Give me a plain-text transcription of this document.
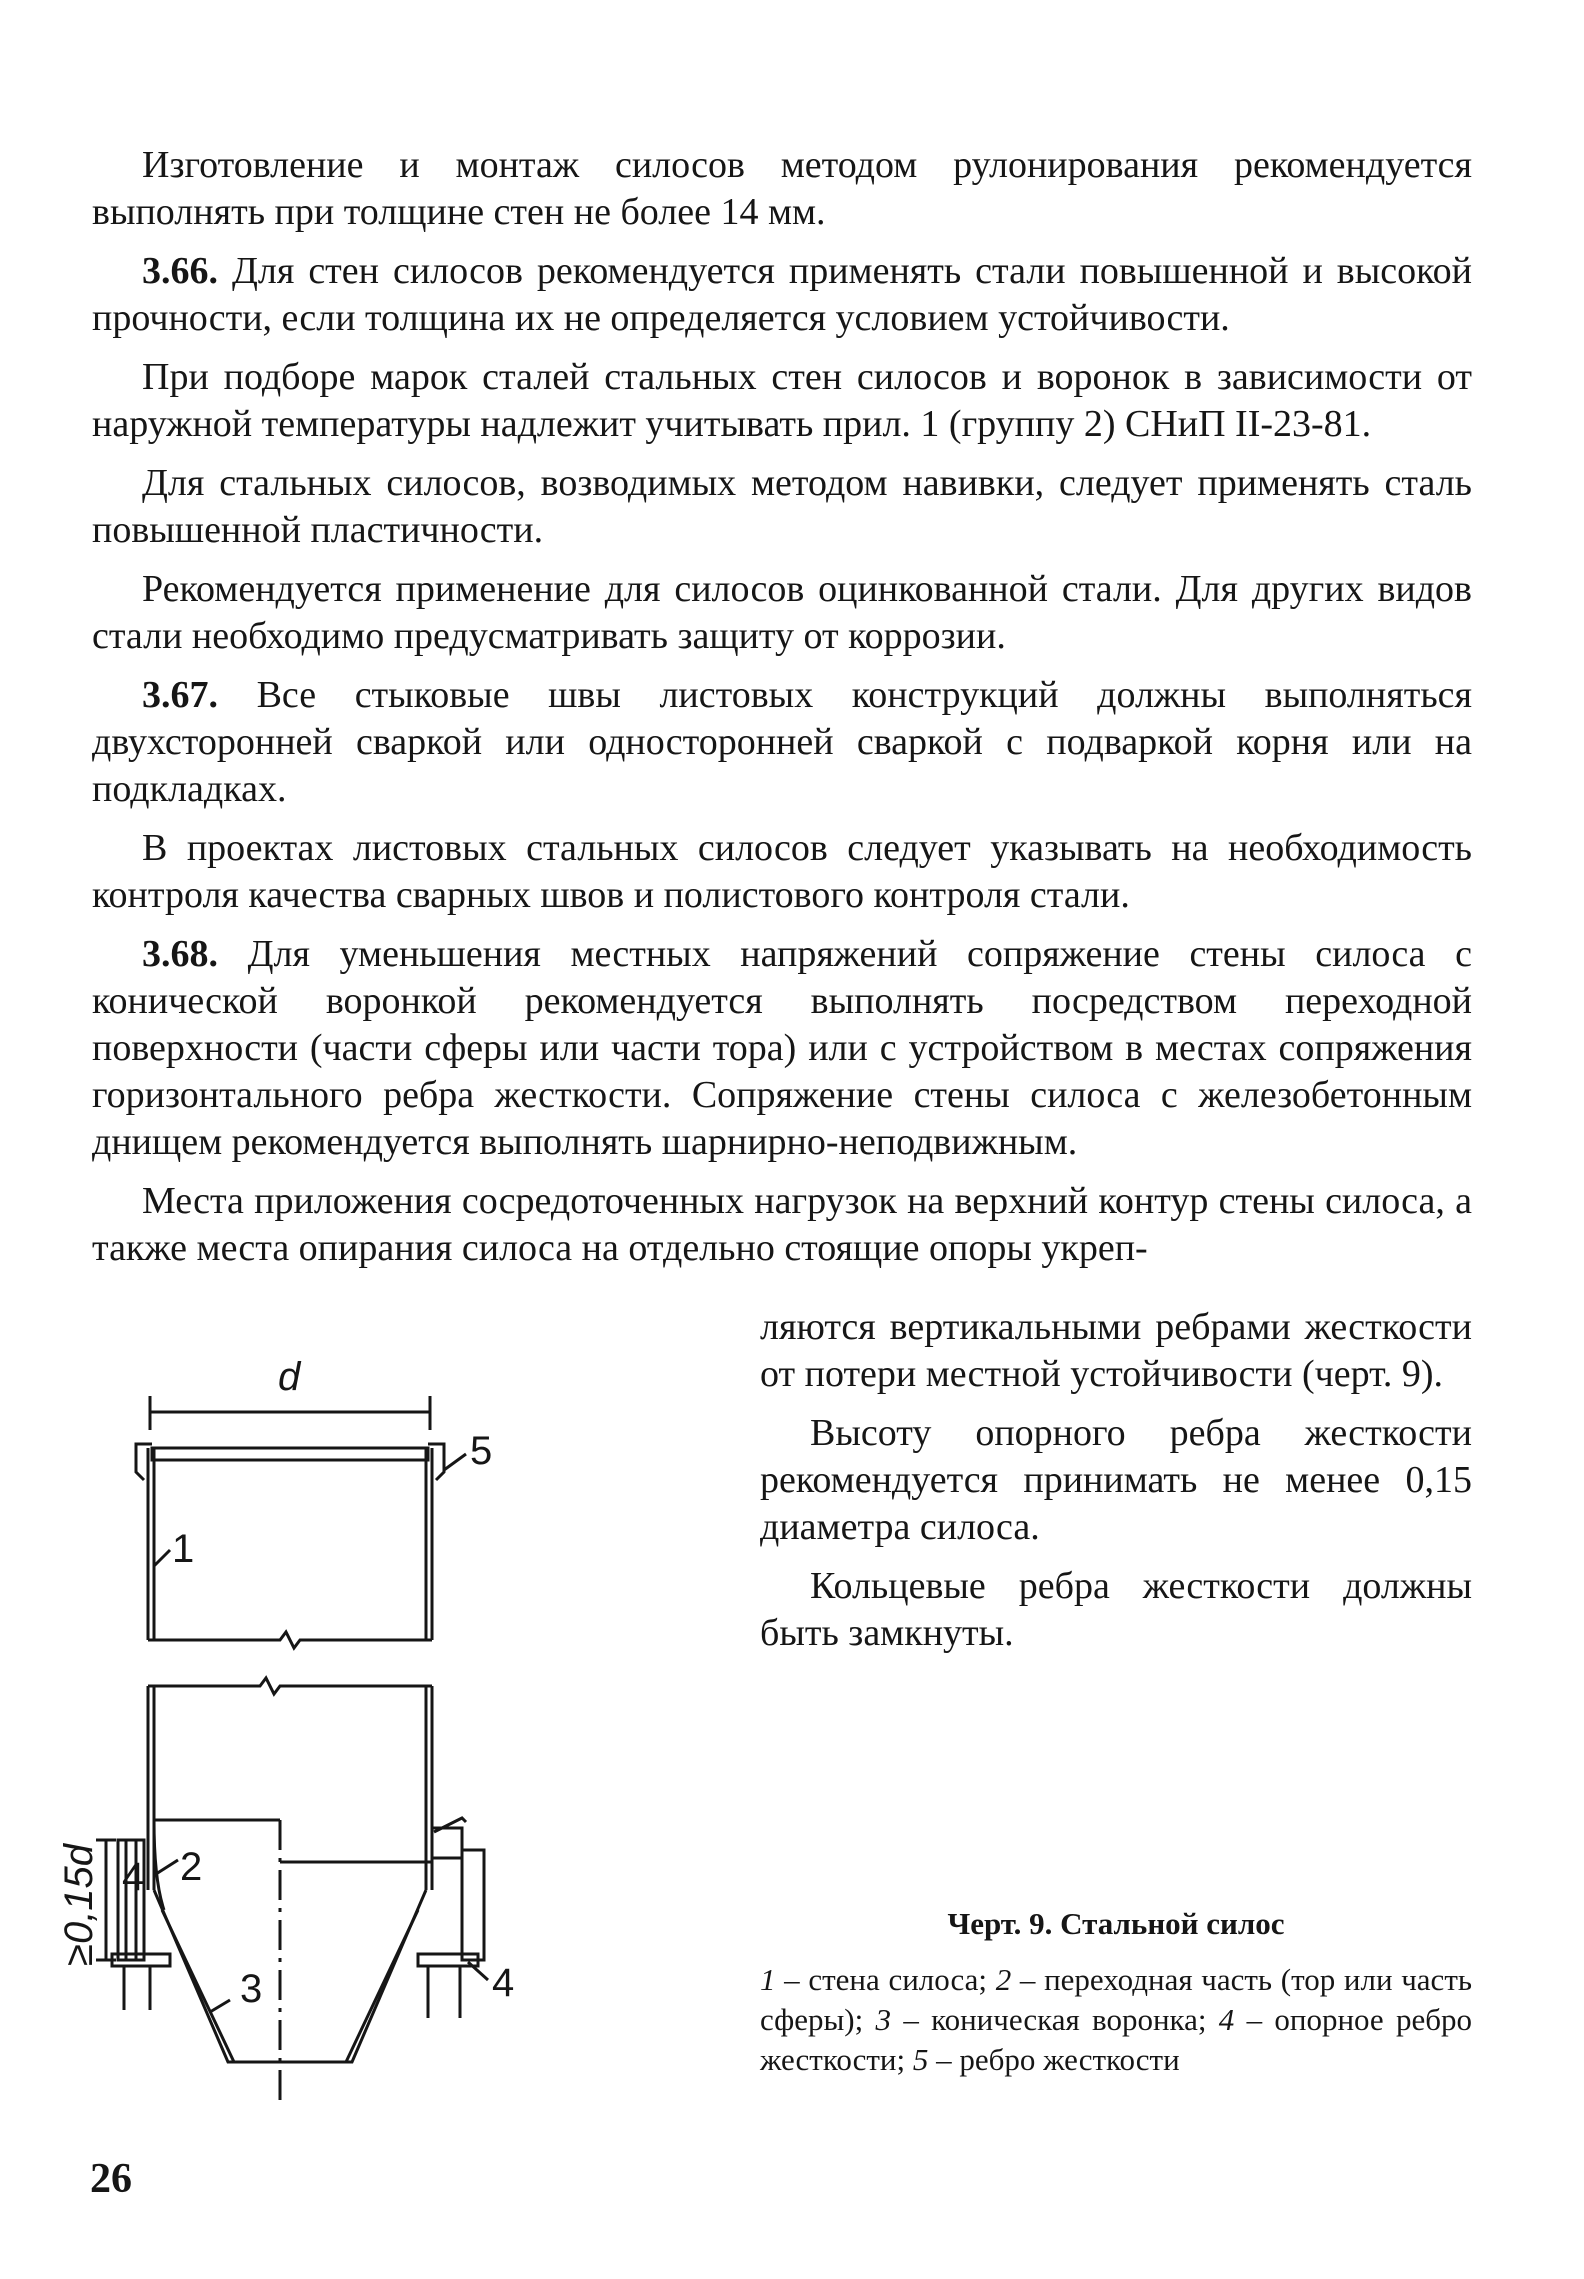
Изготовление и монтаж силосов методом рулонирования рекомендуется выполнять при толщине стен не более 14 мм.

3.66. Для стен силосов рекомендуется применять стали повышенной и высокой прочности, если толщина их не определяется условием устойчивости.

При подборе марок сталей стальных стен силосов и воронок в зависимости от наружной температуры надлежит учитывать прил. 1 (группу 2) СНиП II-23-81.

Для стальных силосов, возводимых методом навивки, следует применять сталь повышенной пластичности.

Рекомендуется применение для силосов оцинкованной стали. Для других видов стали необходимо предусматривать защиту от коррозии.

3.67. Все стыковые швы листовых конструкций должны выполняться двухсторонней сваркой или односторонней сваркой с подваркой корня или на подкладках.

В проектах листовых стальных силосов следует указывать на необходимость контроля качества сварных швов и полистового контроля стали.

3.68. Для уменьшения местных напряжений сопряжение стены силоса с конической воронкой рекомендуется выполнять посредством переходной поверхности (части сферы или части тора) или с устройством в местах сопряжения горизонтального ребра жесткости. Сопряжение стены силоса с железобетонным днищем рекомендуется выполнять шарнирно-неподвижным.

Места приложения сосредоточенных нагрузок на верхний контур стены силоса, а также места опирания силоса на отдельно стоящие опоры укреп-

ляются вертикальными ребрами жесткости от потери местной устойчивости (черт. 9).

Высоту опорного ребра жесткости рекомендуется принимать не менее 0,15 диаметра силоса.

Кольцевые ребра жесткости должны быть замкнуты.

d
5
1
2
4
3	4
≥0,15d	Черт. 9. Стальной силос
1 – стена силоса; 2 – переходная часть (тор или часть сферы); 3 – коническая воронка; 4 – опорное ребро жесткости; 5 – ребро жесткости
26
